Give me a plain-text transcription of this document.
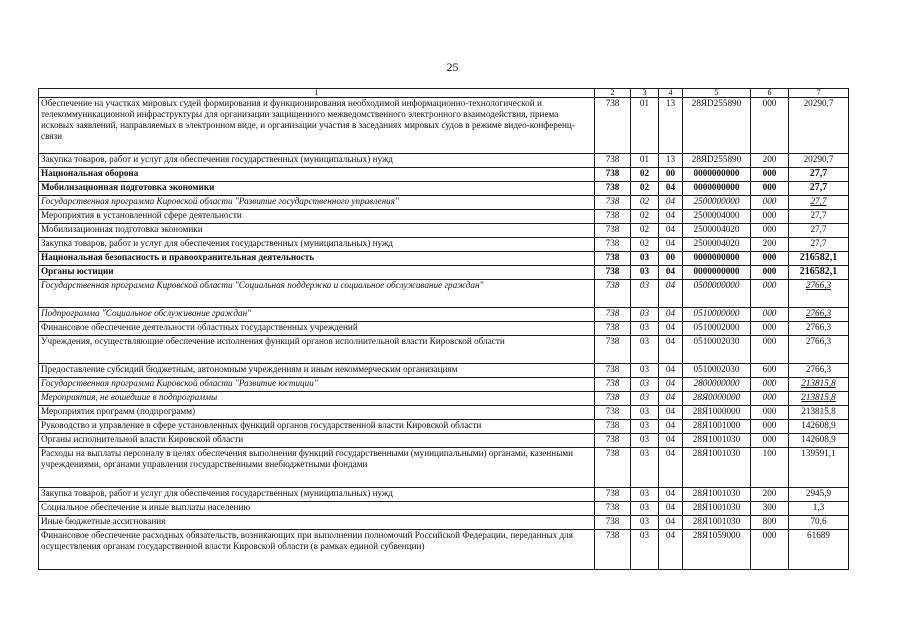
25
1	2	3	4	5	6	7
Обеспечение на участках мировых судей формирования и функционирования необходимой информационно-технологической и телекоммуникационной инфраструктуры для организации защищенного межведомственного электронного взаимодействия, приема исковых заявлений, направляемых в электронном виде, и организации участия в заседаниях мировых судов в режиме видео-конференц-связи	738	01	13	28ЯD255890	000	20290,7
Закупка товаров, работ и услуг для обеспечения государственных (муниципальных) нужд	738	01	13	28ЯD255890	200	20290,7
Национальная оборона	738	02	00	0000000000	000	27,7
Мобилизационная подготовка экономики	738	02	04	0000000000	000	27,7
Государственная программа Кировской области "Развитие государственного управления"	738	02	04	2500000000	000	27,7
Мероприятия в установленной сфере деятельности	738	02	04	2500004000	000	27,7
Мобилизационная подготовка экономики	738	02	04	2500004020	000	27,7
Закупка товаров, работ и услуг для обеспечения государственных (муниципальных) нужд	738	02	04	2500004020	200	27,7
Национальная безопасность и правоохранительная деятельность	738	03	00	0000000000	000	216582,1
Органы юстиции	738	03	04	0000000000	000	216582,1
Государственная программа Кировской области "Социальная поддержка и социальное обслуживание граждан"	738	03	04	0500000000	000	2766,3
Подпрограмма "Социальное обслуживание граждан"	738	03	04	0510000000	000	2766,3
Финансовое обеспечение деятельности областных государственных учреждений	738	03	04	0510002000	000	2766,3
Учреждения, осуществляющие обеспечение исполнения функций органов исполнительной власти Кировской области	738	03	04	0510002030	000	2766,3
Предоставление субсидий бюджетным, автономным учреждениям и иным некоммерческим организациям	738	03	04	0510002030	600	2766,3
Государственная программа Кировской области "Развитие юстиции"	738	03	04	2800000000	000	213815,8
Мероприятия, не вошедшие в подпрограммы	738	03	04	28Я0000000	000	213815,8
Мероприятия программ (подпрограмм)	738	03	04	28Я1000000	000	213815,8
Руководство и управление в сфере установленных функций органов государственной власти Кировской области	738	03	04	28Я1001000	000	142608,9
Органы исполнительной власти Кировской области	738	03	04	28Я1001030	000	142608,9
Расходы на выплаты персоналу в целях обеспечения выполнения функций государственными (муниципальными) органами, казенными учреждениями, органами управления государственными внебюджетными фондами	738	03	04	28Я1001030	100	139591,1
Закупка товаров, работ и услуг для обеспечения государственных (муниципальных) нужд	738	03	04	28Я1001030	200	2945,9
Социальное обеспечение и иные выплаты населению	738	03	04	28Я1001030	300	1,3
Иные бюджетные ассигнования	738	03	04	28Я1001030	800	70,6
Финансовое обеспечение расходных обязательств, возникающих при выполнении полномочий Российской Федерации, переданных для осуществления органам государственной власти Кировской области (в рамках единой субвенции)	738	03	04	28Я1059000	000	61689
